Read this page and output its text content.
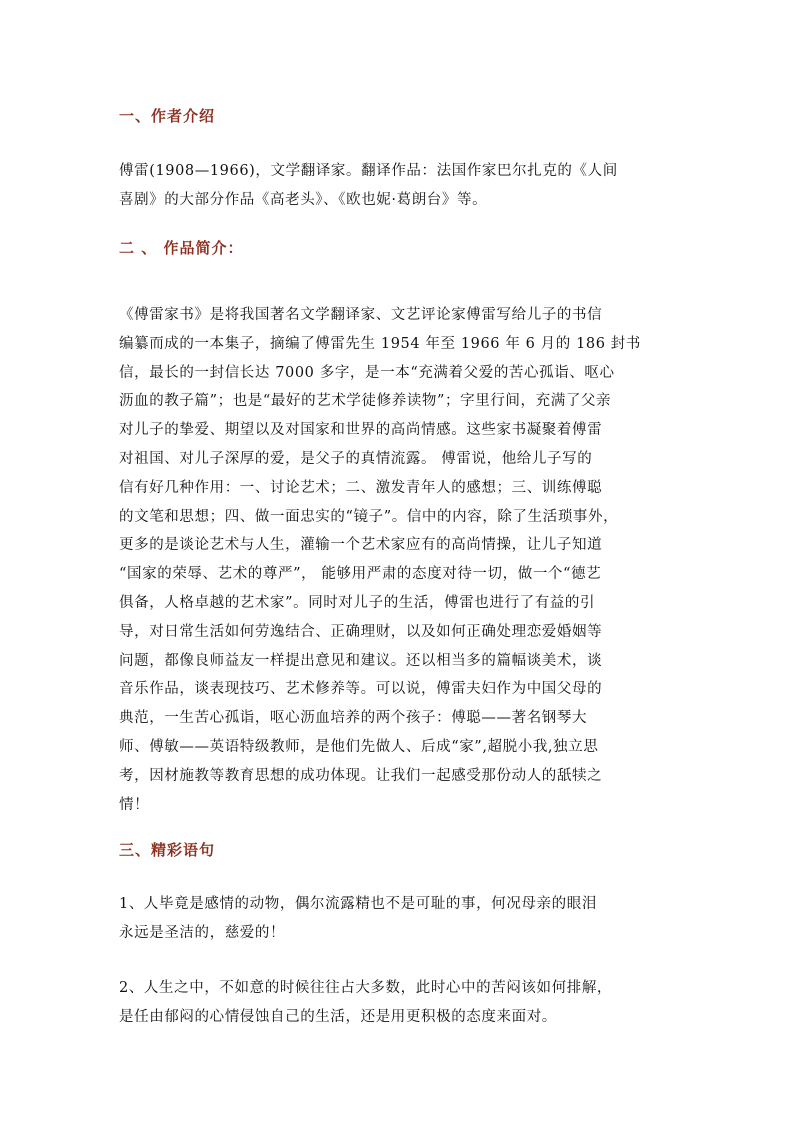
一、作者介绍
傅雷(1908—1966)，文学翻译家。翻译作品：法国作家巴尔扎克的《人间
喜剧》的大部分作品《高老头》、《欧也妮·葛朗台》等。
二 、 作品简介：
《傅雷家书》是将我国著名文学翻译家、文艺评论家傅雷写给儿子的书信
编纂而成的一本集子，摘编了傅雷先生 1954 年至 1966 年 6 月的 186 封书
信，最长的一封信长达 7000 多字，是一本“充满着父爱的苦心孤诣、呕心
沥血的教子篇”；也是“最好的艺术学徒修养读物”；字里行间，充满了父亲
对儿子的挚爱、期望以及对国家和世界的高尚情感。这些家书凝聚着傅雷
对祖国、对儿子深厚的爱，是父子的真情流露。 傅雷说，他给儿子写的
信有好几种作用：一、讨论艺术；二、激发青年人的感想；三、训练傅聪
的文笔和思想；四、做一面忠实的“镜子”。信中的内容，除了生活琐事外，
更多的是谈论艺术与人生，灌输一个艺术家应有的高尚情操，让儿子知道
“国家的荣辱、艺术的尊严”， 能够用严肃的态度对待一切，做一个“德艺
俱备，人格卓越的艺术家”。同时对儿子的生活，傅雷也进行了有益的引
导，对日常生活如何劳逸结合、正确理财，以及如何正确处理恋爱婚姻等
问题，都像良师益友一样提出意见和建议。还以相当多的篇幅谈美术，谈
音乐作品，谈表现技巧、艺术修养等。可以说，傅雷夫妇作为中国父母的
典范，一生苦心孤诣，呕心沥血培养的两个孩子：傅聪——著名钢琴大
师、傅敏——英语特级教师，是他们先做人、后成“家”,超脱小我,独立思
考，因材施教等教育思想的成功体现。让我们一起感受那份动人的舐犊之
情！
三、精彩语句
1、人毕竟是感情的动物，偶尔流露精也不是可耻的事，何况母亲的眼泪
永远是圣洁的，慈爱的！
2、人生之中，不如意的时候往往占大多数，此时心中的苦闷该如何排解，
是任由郁闷的心情侵蚀自己的生活，还是用更积极的态度来面对。
